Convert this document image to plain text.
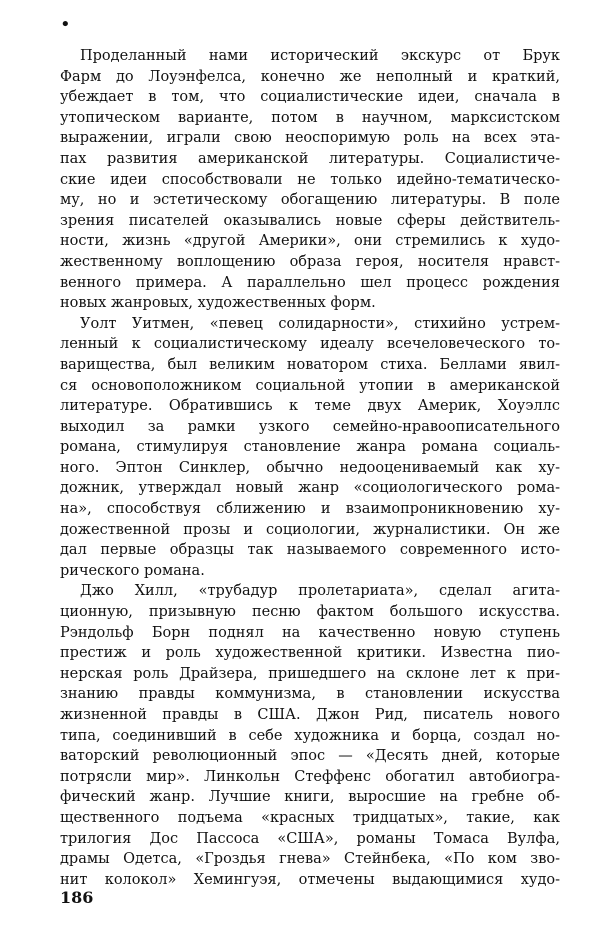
•
Проделанный нами исторический экскурс от Брук
Фарм до Лоуэнфелса, конечно же неполный и краткий,
убеждает в том, что социалистические идеи, сначала в
утопическом варианте, потом в научном, марксистском
выражении, играли свою неоспоримую роль на всех эта-
пах развития американской литературы. Социалистиче-
ские идеи способствовали не только идейно-тематическо-
му, но и эстетическому обогащению литературы. В поле
зрения писателей оказывались новые сферы действитель-
ности, жизнь «другой Америки», они стремились к худо-
жественному воплощению образа героя, носителя нравст-
венного примера. А параллельно шел процесс рождения
новых жанровых, художественных форм.
Уолт Уитмен, «певец солидарности», стихийно устрем-
ленный к социалистическому идеалу всечеловеческого то-
варищества, был великим новатором стиха. Беллами явил-
ся основоположником социальной утопии в американской
литературе. Обратившись к теме двух Америк, Хоуэллс
выходил за рамки узкого семейно-нравоописательного
романа, стимулируя становление жанра романа социаль-
ного. Эптон Синклер, обычно недооцениваемый как ху-
дожник, утверждал новый жанр «социологического рома-
на», способствуя сближению и взаимопроникновению ху-
дожественной прозы и социологии, журналистики. Он же
дал первые образцы так называемого современного исто-
рического романа.
Джо Хилл, «трубадур пролетариата», сделал агита-
ционную, призывную песню фактом большого искусства.
Рэндольф Борн поднял на качественно новую ступень
престиж и роль художественной критики. Известна пио-
нерская роль Драйзера, пришедшего на склоне лет к при-
знанию правды коммунизма, в становлении искусства
жизненной правды в США. Джон Рид, писатель нового
типа, соединивший в себе художника и борца, создал но-
ваторский революционный эпос — «Десять дней, которые
потрясли мир». Линкольн Стеффенс обогатил автобиогра-
фический жанр. Лучшие книги, выросшие на гребне об-
щественного подъема «красных тридцатых», такие, как
трилогия Дос Пассоса «США», романы Томаса Вулфа,
драмы Одетса, «Гроздья гнева» Стейнбека, «По ком зво-
нит колокол» Хемингуэя, отмечены выдающимися худо-
186
